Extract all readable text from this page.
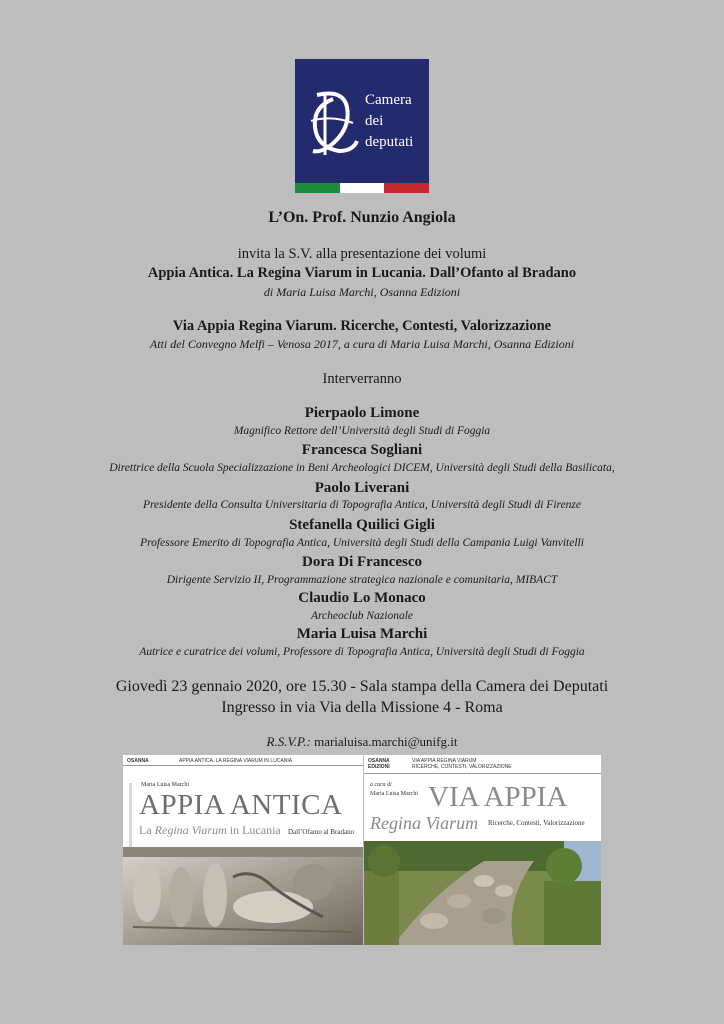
Camera
dei
deputati
L’On. Prof. Nunzio Angiola
invita la S.V. alla presentazione dei volumi
Appia Antica. La Regina Viarum in Lucania. Dall’Ofanto al Bradano
di Maria Luisa Marchi, Osanna Edizioni
Via Appia Regina Viarum. Ricerche, Contesti, Valorizzazione
Atti del Convegno Melfi – Venosa 2017, a cura di Maria Luisa Marchi, Osanna Edizioni
Interverranno
Pierpaolo Limone
Magnifico Rettore dell’Università degli Studi di Foggia
Francesca Sogliani
Direttrice della Scuola Specializzazione in Beni Archeologici DICEM, Università degli Studi della Basilicata,
Paolo Liverani
Presidente della Consulta Universitaria di Topografia Antica, Università degli Studi di Firenze
Stefanella Quilici Gigli
Professore Emerito di Topografia Antica, Università degli Studi della Campania Luigi Vanvitelli
Dora Di Francesco
Dirigente Servizio II, Programmazione strategica nazionale e comunitaria, MIBACT
Claudio Lo Monaco
Archeoclub Nazionale
Maria Luisa Marchi
Autrice e curatrice dei volumi, Professore di Topografia Antica, Università degli Studi di Foggia
Giovedì 23 gennaio 2020, ore 15.30 - Sala stampa della Camera dei Deputati
Ingresso in via Via della Missione 4 - Roma
R.S.V.P.: marialuisa.marchi@unifg.it
OSANNA	APPIA ANTICA. LA REGINA VIARUM IN LUCANIA
Maria Luisa Marchi
APPIA ANTICA
La Regina Viarum in Lucania Dall’Ofanto al Bradano
OSANNA EDIZIONI
VIA APPIA REGINA VIARUM
RICERCHE, CONTESTI, VALORIZZAZIONE
a cura di
Maria Luisa Marchi VIA APPIA
Regina Viarum Ricerche, Contesti, Valorizzazione
